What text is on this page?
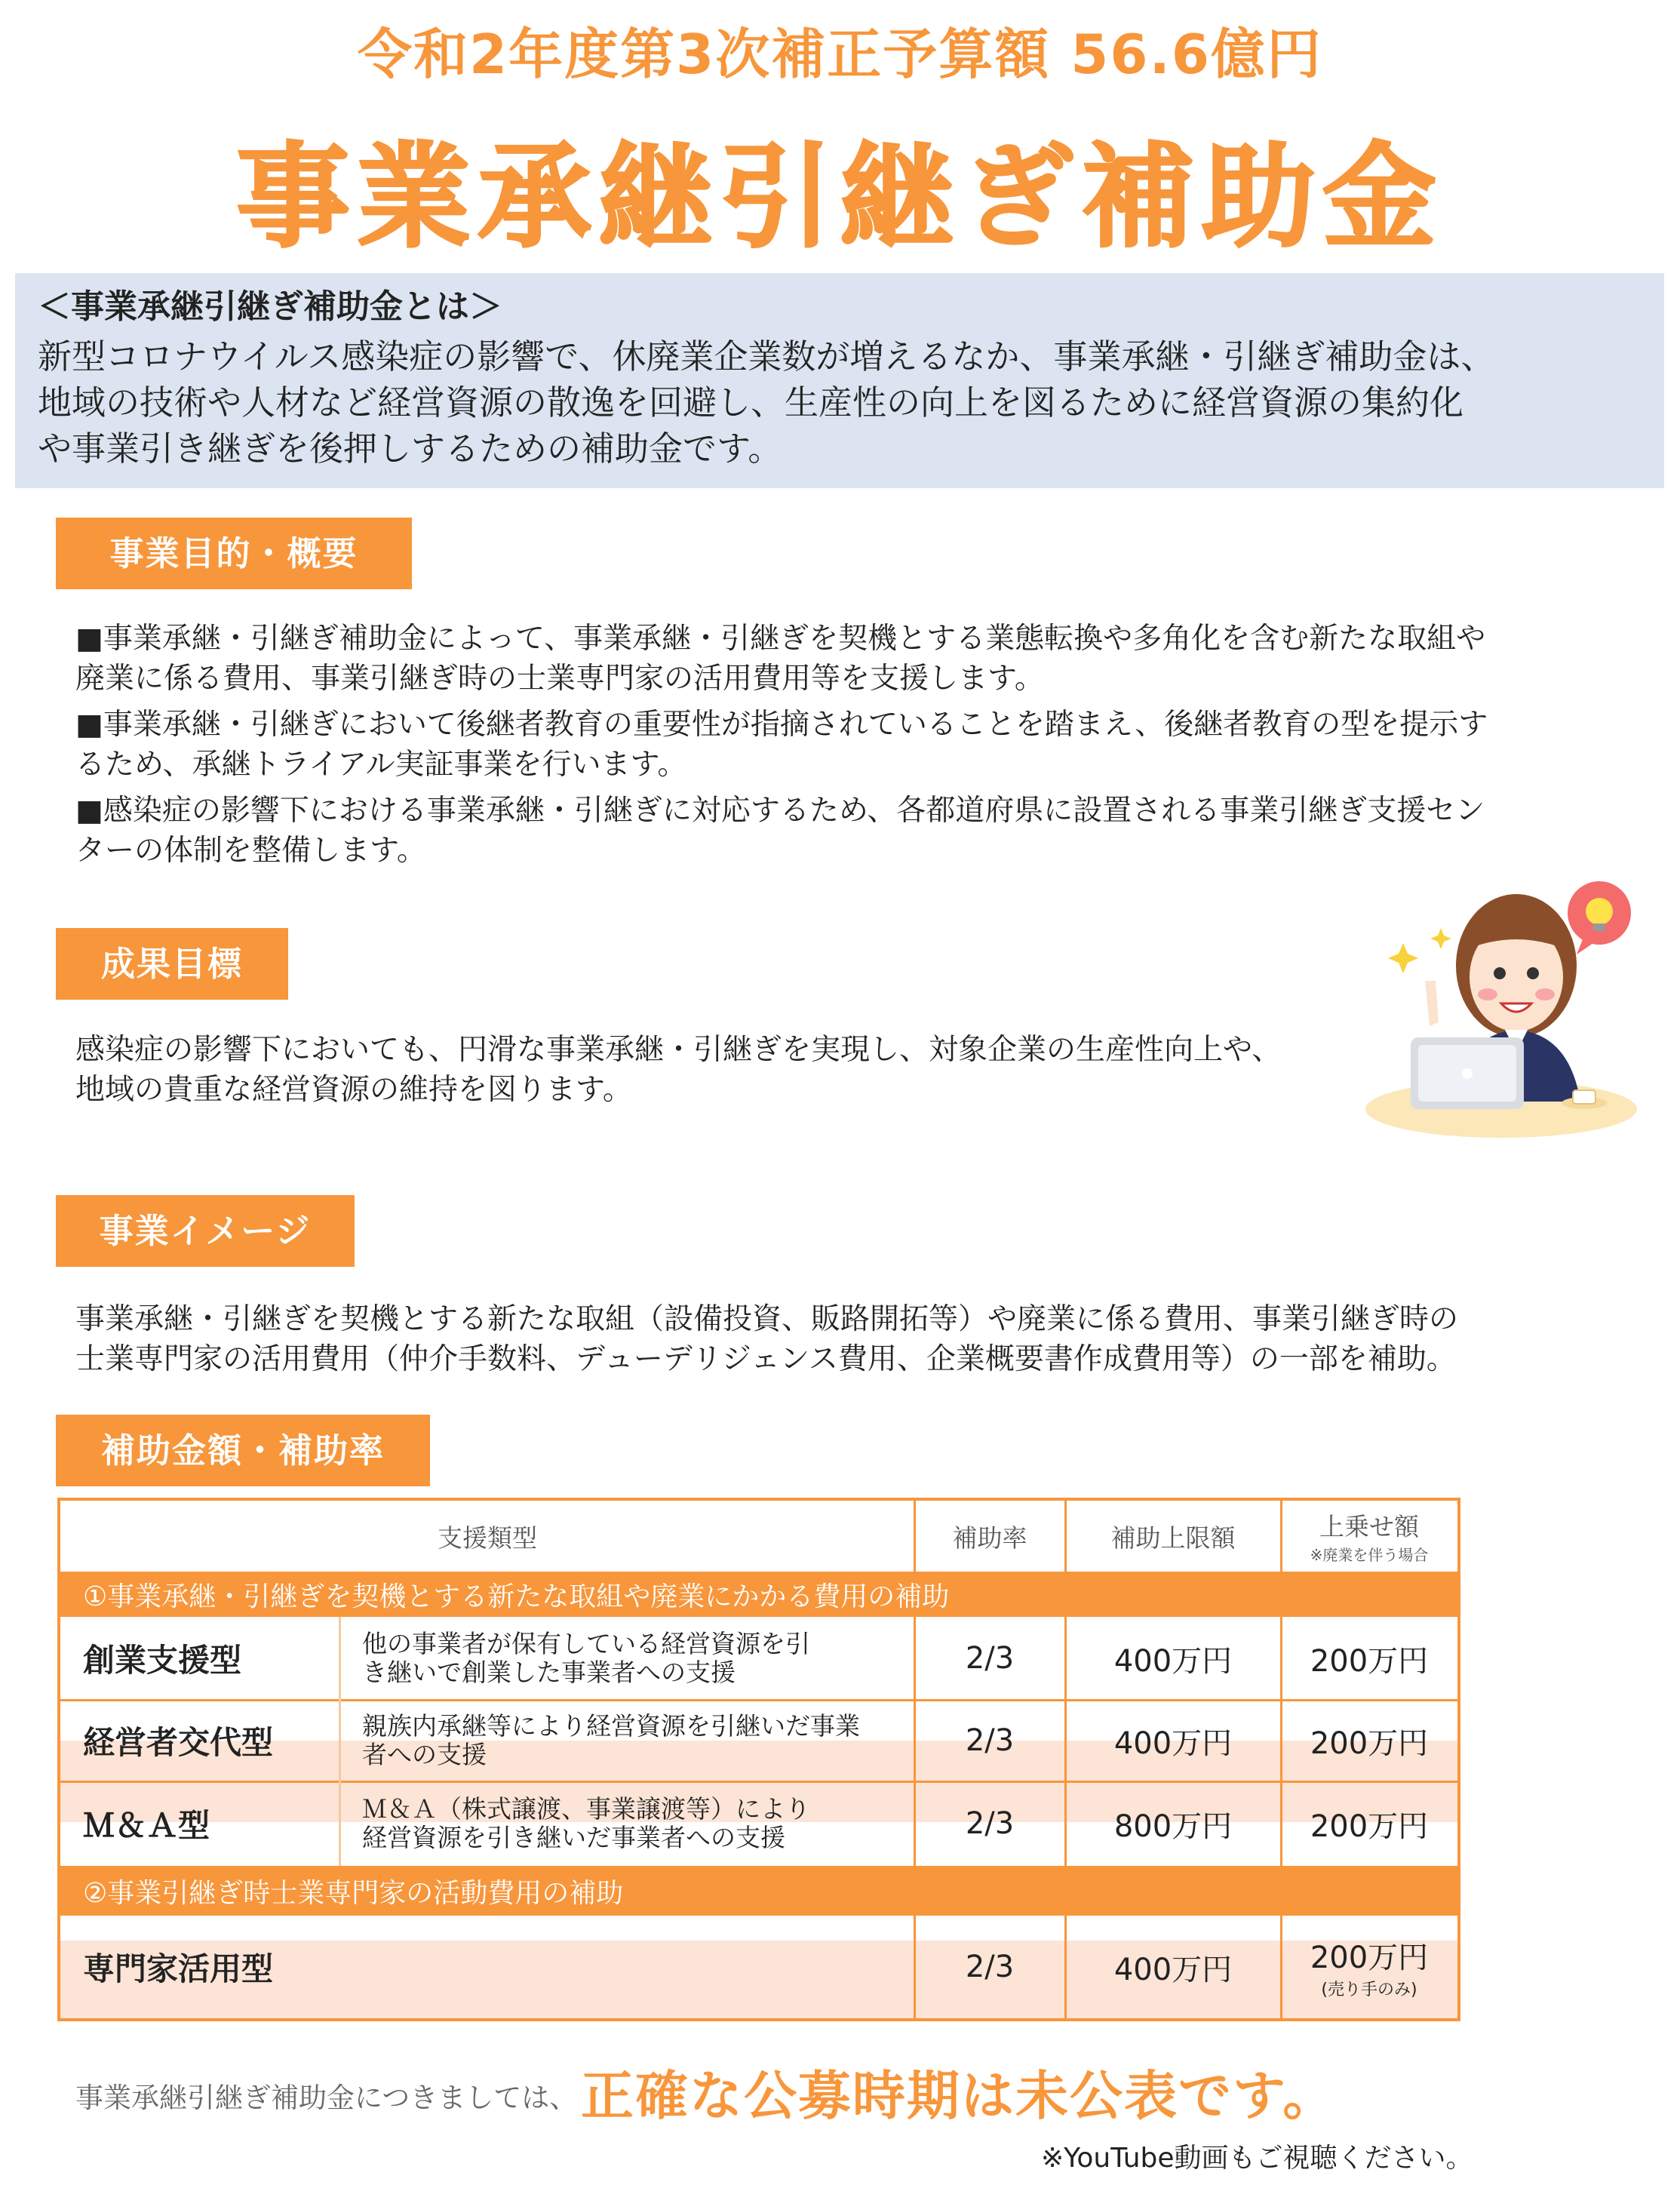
令和2年度第3次補正予算額 56.6億円
事業承継引継ぎ補助金
＜事業承継引継ぎ補助金とは＞
新型コロナウイルス感染症の影響で、休廃業企業数が増えるなか、事業承継・引継ぎ補助金は、
地域の技術や人材など経営資源の散逸を回避し、生産性の向上を図るために経営資源の集約化
や事業引き継ぎを後押しするための補助金です。
事業目的・概要

■事業承継・引継ぎ補助金によって、事業承継・引継ぎを契機とする業態転換や多角化を含む新たな取組や

廃業に係る費用、事業引継ぎ時の士業専門家の活用費用等を支援します。

■事業承継・引継ぎにおいて後継者教育の重要性が指摘されていることを踏まえ、後継者教育の型を提示す

るため、承継トライアル実証事業を行います。

■感染症の影響下における事業承継・引継ぎに対応するため、各都道府県に設置される事業引継ぎ支援セン

ターの体制を整備します。

成果目標

感染症の影響下においても、円滑な事業承継・引継ぎを実現し、対象企業の生産性向上や、

地域の貴重な経営資源の維持を図ります。

事業イメージ

事業承継・引継ぎを契機とする新たな取組（設備投資、販路開拓等）や廃業に係る費用、事業引継ぎ時の

士業専門家の活用費用（仲介手数料、デューデリジェンス費用、企業概要書作成費用等）の一部を補助。

補助金額・補助率
支援類型	補助率	補助上限額	上乗せ額
※廃業を伴う場合
①事業承継・引継ぎを契機とする新たな取組や廃業にかかる費用の補助
創業支援型	他の事業者が保有している経営資源を引
き継いで創業した事業者への支援	2/3	400万円	200万円
経営者交代型	親族内承継等により経営資源を引継いだ事業
者への支援	2/3	400万円	200万円
Ｍ＆Ａ型	Ｍ＆Ａ（株式譲渡、事業譲渡等）により
経営資源を引き継いだ事業者への支援	2/3	800万円	200万円
②事業引継ぎ時士業専門家の活動費用の補助
専門家活用型	2/3	400万円	200万円
(売り手のみ)
事業承継引継ぎ補助金につきましては、 正確な公募時期は未公表です。
※YouTube動画もご視聴ください。
